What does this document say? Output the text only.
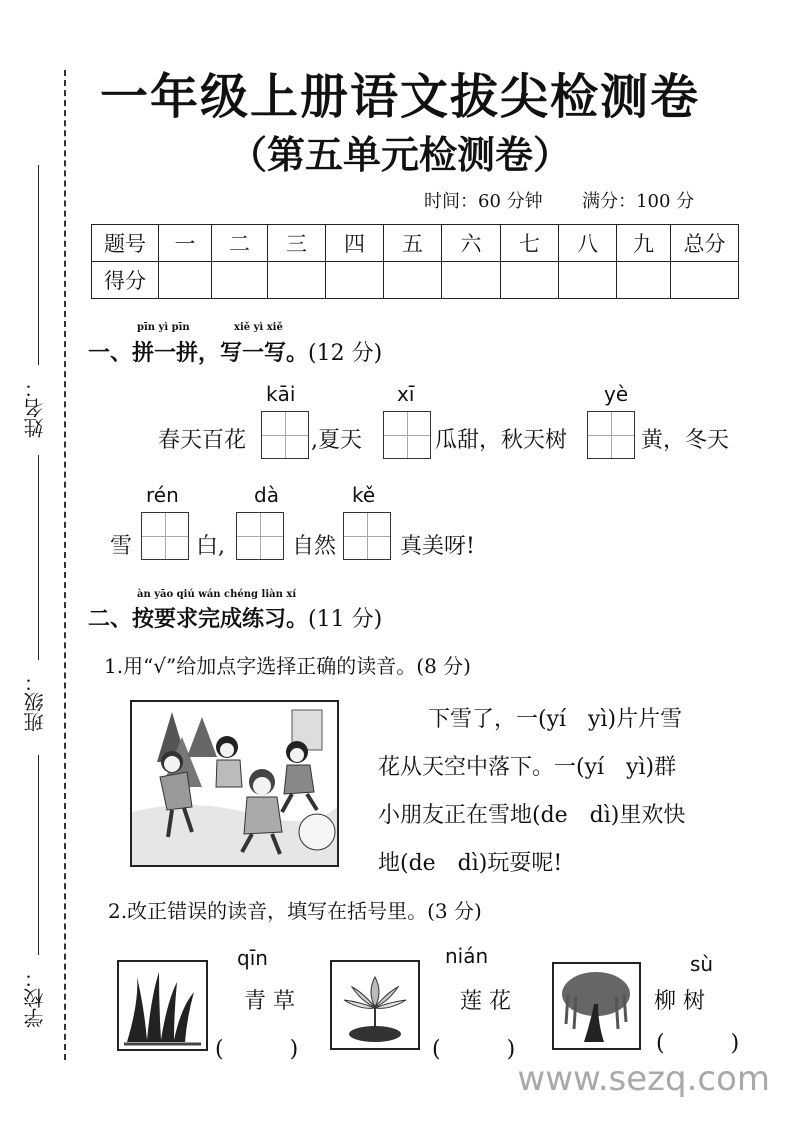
姓名：
班级：
学校：
一年级上册语文拔尖检测卷
（第五单元检测卷）
时间：60 分钟 满分：100 分
题号	一	二	三	四	五	六	七	八	九	总分
得分										
pīn yì pīn	xiě yì xiě
一、拼一拼，写一写。(12 分)
kāi	xī	yè
春天百花	,夏天	瓜甜，秋天树	黄，冬天
rén	dà	kě
雪	白,	自然	真美呀!
àn yāo qiú wán chéng liàn xí
二、按要求完成练习。(11 分)
1.用“√”给加点字选择正确的读音。(8 分)
下雪了，一(yí　yì)片片雪
花从天空中落下。一(yí　yì)群
小朋友正在雪地(de　dì)里欢快
地(de　dì)玩耍呢!
2.改正错误的读音，填写在括号里。(3 分)
qīn
青 草
(　　　)
nián
莲 花
(　　　)
sù
柳 树
(　　　)
www.sezq.com
